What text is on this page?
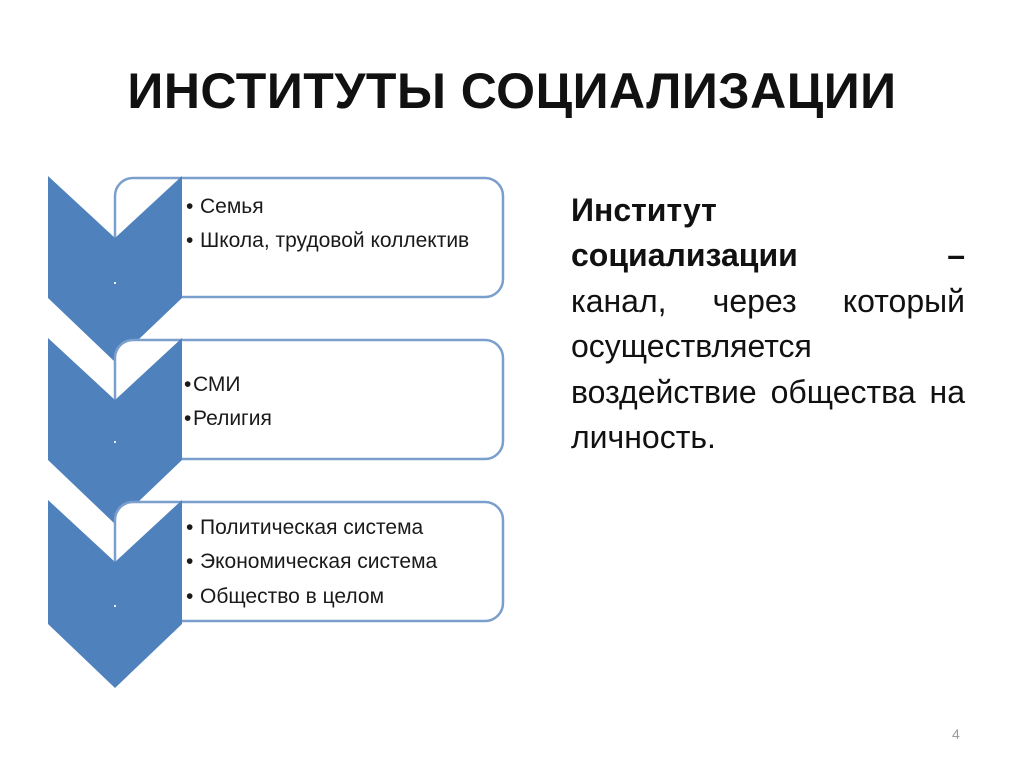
ИНСТИТУТЫ СОЦИАЛИЗАЦИИ
.
.
.
• Семья
• Школа, трудовой коллектив
• СМИ
• Религия
• Политическая система
• Экономическая система
• Общество в целом
Институт
социализации	–

канал, через который осуществляется воздействие общества на личность.
4
